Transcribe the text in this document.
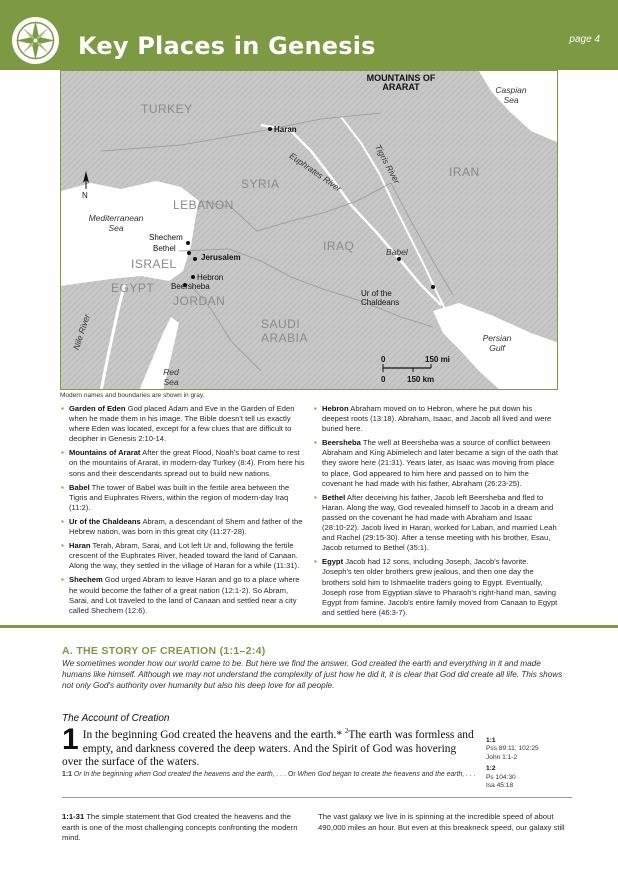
Key Places in Genesis	page 4
TURKEY
MOUNTAINS OF ARARAT	Caspian Sea
Haran
Euphrates River	Tigris River	IRAN
SYRIA
LEBANON
Mediterranean Sea
Shechem
Bethel
Jerusalem
ISRAEL
Hebron
Beersheba
EGYPT
JORDAN
IRAQ	Babel
Ur of the Chaldeans
SAUDI ARABIA
Nile River
Red Sea
Persian Gulf
N
0	150 mi
0	150 km
Modern names and boundaries are shown in gray.
▪ Garden of Eden God placed Adam and Eve in the Garden of Eden when he made them in his image. The Bible doesn't tell us exactly where Eden was located, except for a few clues that are difficult to decipher in Genesis 2:10-14.
▪ Mountains of Ararat After the great Flood, Noah's boat came to rest on the mountains of Ararat, in modern-day Turkey (8:4). From here his sons and their descendants spread out to build new nations.
▪ Babel The tower of Babel was built in the fertile area between the Tigris and Euphrates Rivers, within the region of modern-day Iraq (11:2).
▪ Ur of the Chaldeans Abram, a descendant of Shem and father of the Hebrew nation, was born in this great city (11:27-28).
▪ Haran Terah, Abram, Sarai, and Lot left Ur and, following the fertile crescent of the Euphrates River, headed toward the land of Canaan. Along the way, they settled in the village of Haran for a while (11:31).
▪ Shechem God urged Abram to leave Haran and go to a place where he would become the father of a great nation (12:1-2). So Abram, Sarai, and Lot traveled to the land of Canaan and settled near a city called Shechem (12:6).
▪ Hebron Abraham moved on to Hebron, where he put down his deepest roots (13:18). Abraham, Isaac, and Jacob all lived and were buried here.
▪ Beersheba The well at Beersheba was a source of conflict between Abraham and King Abimelech and later became a sign of the oath that they swore here (21:31). Years later, as Isaac was moving from place to place, God appeared to him here and passed on to him the covenant he had made with his father, Abraham (26:23-25).
▪ Bethel After deceiving his father, Jacob left Beersheba and fled to Haran. Along the way, God revealed himself to Jacob in a dream and passed on the covenant he had made with Abraham and Isaac (28:10-22). Jacob lived in Haran, worked for Laban, and married Leah and Rachel (29:15-30). After a tense meeting with his brother, Esau, Jacob returned to Bethel (35:1).
▪ Egypt Jacob had 12 sons, including Joseph, Jacob's favorite. Joseph's ten older brothers grew jealous, and then one day the brothers sold him to Ishmaelite traders going to Egypt. Eventually, Joseph rose from Egyptian slave to Pharaoh's right-hand man, saving Egypt from famine. Jacob's entire family moved from Canaan to Egypt and settled here (46:3-7).
A. THE STORY OF CREATION (1:1–2:4)
We sometimes wonder how our world came to be. But here we find the answer. God created the earth and everything in it and made humans like himself. Although we may not understand the complexity of just how he did it, it is clear that God did create all life. This shows not only God's authority over humanity but also his deep love for all people.
The Account of Creation
1 In the beginning God created the heavens and the earth.* $^2$The earth was formless and empty, and darkness covered the deep waters. And the Spirit of God was hovering over the surface of the waters.
1:1
Pss 89:11; 102:25
John 1:1-2
1:2
Ps 104:30
Isa 45:18
1:1 Or In the beginning when God created the heavens and the earth, . . . Or When God began to create the heavens and the earth, . . .
1:1-31 The simple statement that God created the heavens and the earth is one of the most challenging concepts confronting the modern mind.
The vast galaxy we live in is spinning at the incredible speed of about 490,000 miles an hour. But even at this breakneck speed, our galaxy still
